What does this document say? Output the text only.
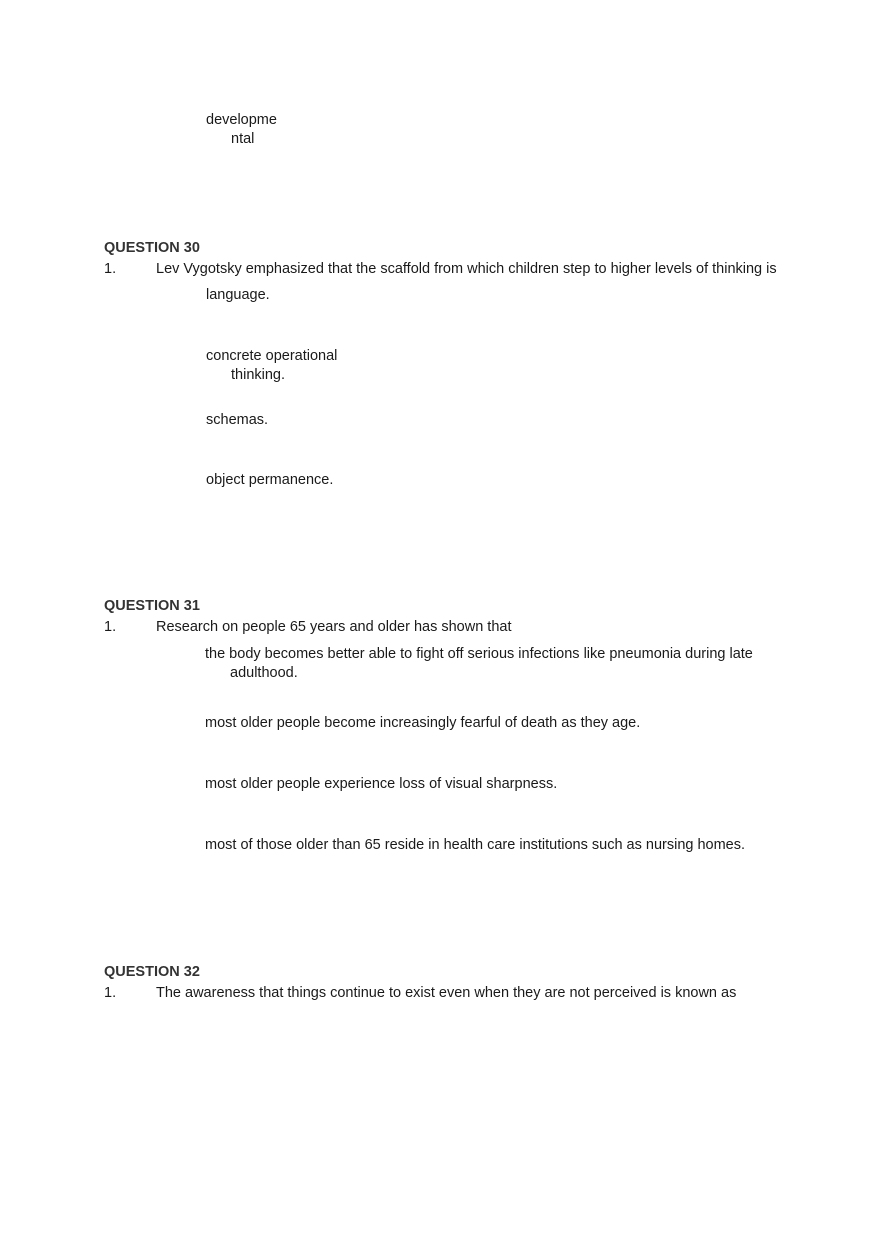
developme
ntal
QUESTION 30
1.	Lev Vygotsky emphasized that the scaffold from which children step to higher levels of thinking is
language.
concrete operational
thinking.
schemas.
object permanence.
QUESTION 31
1.	Research on people 65 years and older has shown that
the body becomes better able to fight off serious infections like pneumonia during late
adulthood.
most older people become increasingly fearful of death as they age.
most older people experience loss of visual sharpness.
most of those older than 65 reside in health care institutions such as nursing homes.
QUESTION 32
1.	The awareness that things continue to exist even when they are not perceived is known as
